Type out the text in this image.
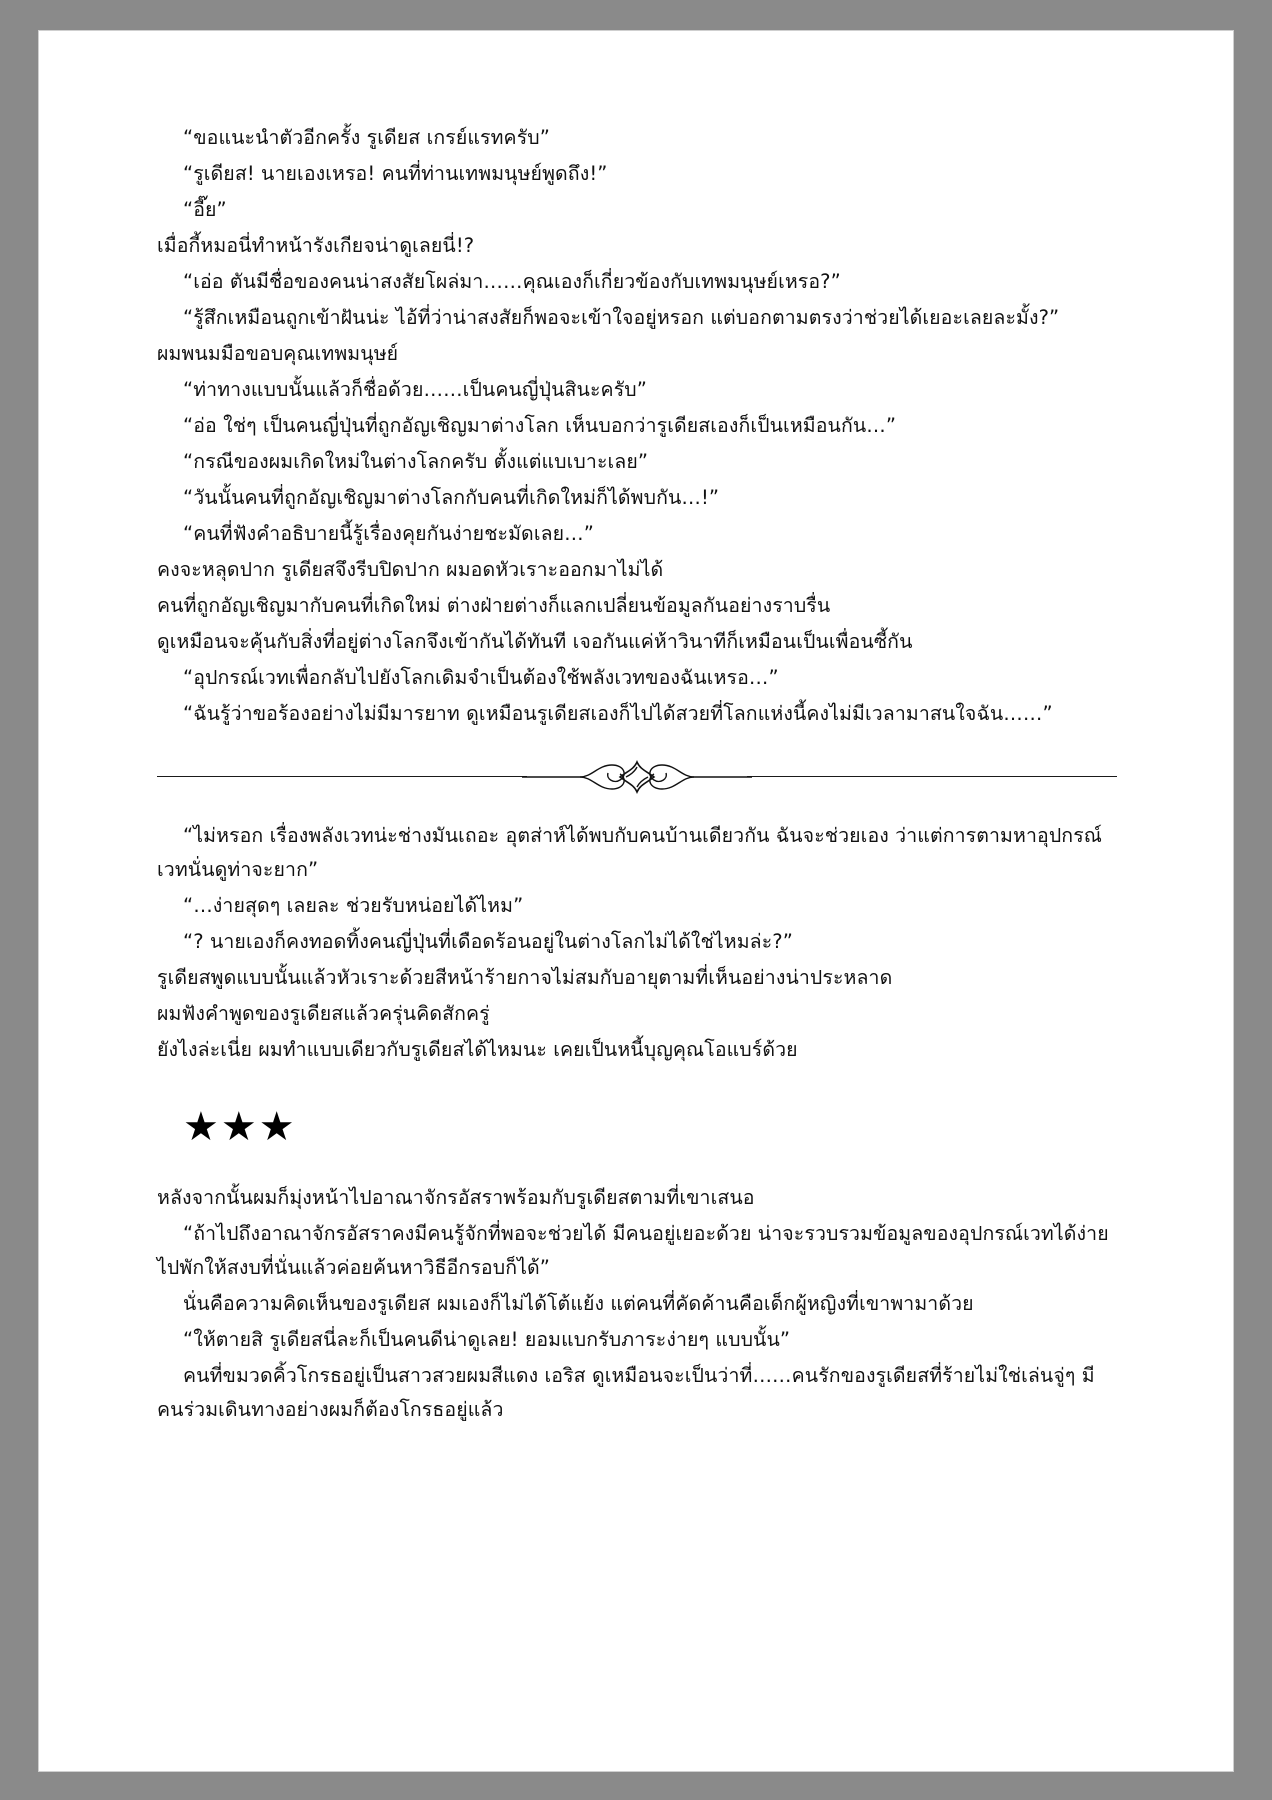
“ขอแนะนำตัวอีกครั้ง รูเดียส เกรย์แรทครับ”

“รูเดียส! นายเองเหรอ! คนที่ท่านเทพมนุษย์พูดถึง!”

“อี๊ย”

เมื่อกี้หมอนี่ทำหน้ารังเกียจน่าดูเลยนี่!?

“เอ่อ ตันมีชื่อของคนน่าสงสัยโผล่มา……คุณเองก็เกี่ยวข้องกับเทพมนุษย์เหรอ?”

“รู้สึกเหมือนถูกเข้าฝันน่ะ ไอ้ที่ว่าน่าสงสัยก็พอจะเข้าใจอยู่หรอก แต่บอกตามตรงว่าช่วยได้เยอะเลยละมั้ง?”

ผมพนมมือขอบคุณเทพมนุษย์

“ท่าทางแบบนั้นแล้วก็ชื่อด้วย……เป็นคนญี่ปุ่นสินะครับ”

“อ่อ ใช่ๆ เป็นคนญี่ปุ่นที่ถูกอัญเชิญมาต่างโลก เห็นบอกว่ารูเดียสเองก็เป็นเหมือนกัน…”

“กรณีของผมเกิดใหม่ในต่างโลกครับ ตั้งแต่แบเบาะเลย”

“วันนั้นคนที่ถูกอัญเชิญมาต่างโลกกับคนที่เกิดใหม่ก็ได้พบกัน…!”

“คนที่ฟังคำอธิบายนี้รู้เรื่องคุยกันง่ายชะมัดเลย…”

คงจะหลุดปาก รูเดียสจึงรีบปิดปาก ผมอดหัวเราะออกมาไม่ได้

คนที่ถูกอัญเชิญมากับคนที่เกิดใหม่ ต่างฝ่ายต่างก็แลกเปลี่ยนข้อมูลกันอย่างราบรื่น

ดูเหมือนจะคุ้นกับสิ่งที่อยู่ต่างโลกจึงเข้ากันได้ทันที เจอกันแค่ห้าวินาทีก็เหมือนเป็นเพื่อนซี้กัน

“อุปกรณ์เวทเพื่อกลับไปยังโลกเดิมจำเป็นต้องใช้พลังเวทของฉันเหรอ…”

“ฉันรู้ว่าขอร้องอย่างไม่มีมารยาท ดูเหมือนรูเดียสเองก็ไปได้สวยที่โลกแห่งนี้คงไม่มีเวลามาสนใจฉัน……”

“ไม่หรอก เรื่องพลังเวทน่ะช่างมันเถอะ อุตส่าห์ได้พบกับคนบ้านเดียวกัน ฉันจะช่วยเอง ว่าแต่การตามหาอุปกรณ์เวทนั่นดูท่าจะยาก”

“…ง่ายสุดๆ เลยละ ช่วยรับหน่อยได้ไหม”

“? นายเองก็คงทอดทิ้งคนญี่ปุ่นที่เดือดร้อนอยู่ในต่างโลกไม่ได้ใช่ไหมล่ะ?”

รูเดียสพูดแบบนั้นแล้วหัวเราะด้วยสีหน้าร้ายกาจไม่สมกับอายุตามที่เห็นอย่างน่าประหลาด

ผมฟังคำพูดของรูเดียสแล้วครุ่นคิดสักครู่

ยังไงล่ะเนี่ย ผมทำแบบเดียวกับรูเดียสได้ไหมนะ เคยเป็นหนี้บุญคุณโอแบร์ด้วย

★★★

หลังจากนั้นผมก็มุ่งหน้าไปอาณาจักรอัสราพร้อมกับรูเดียสตามที่เขาเสนอ

“ถ้าไปถึงอาณาจักรอัสราคงมีคนรู้จักที่พอจะช่วยได้ มีคนอยู่เยอะด้วย น่าจะรวบรวมข้อมูลของอุปกรณ์เวทได้ง่าย ไปพักให้สงบที่นั่นแล้วค่อยค้นหาวิธีอีกรอบก็ได้”

นั่นคือความคิดเห็นของรูเดียส ผมเองก็ไม่ได้โต้แย้ง แต่คนที่คัดค้านคือเด็กผู้หญิงที่เขาพามาด้วย

“ให้ตายสิ รูเดียสนี่ละก็เป็นคนดีน่าดูเลย! ยอมแบกรับภาระง่ายๆ แบบนั้น”

คนที่ขมวดคิ้วโกรธอยู่เป็นสาวสวยผมสีแดง เอริส ดูเหมือนจะเป็นว่าที่……คนรักของรูเดียสที่ร้ายไม่ใช่เล่นจู่ๆ มีคนร่วมเดินทางอย่างผมก็ต้องโกรธอยู่แล้ว
